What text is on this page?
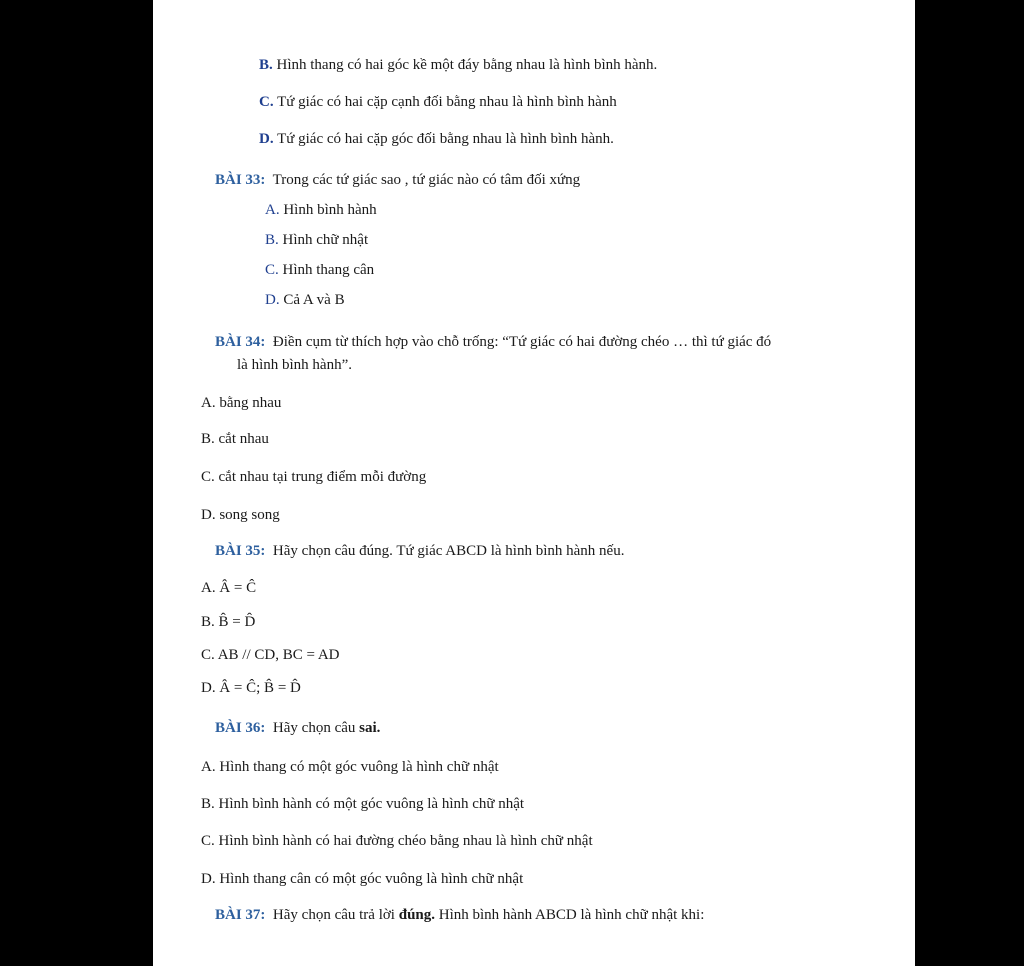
B. Hình thang có hai góc kề một đáy bằng nhau là hình bình hành.
C. Tứ giác có hai cặp cạnh đối bằng nhau là hình bình hành
D. Tứ giác có hai cặp góc đối bằng nhau là hình bình hành.
BÀI 33: Trong các tứ giác sao , tứ giác nào có tâm đối xứng
A. Hình bình hành
B. Hình chữ nhật
C. Hình thang cân
D. Cả A và B
BÀI 34: Điền cụm từ thích hợp vào chỗ trống: “Tứ giác có hai đường chéo … thì tứ giác đó
là hình bình hành”.
A. bằng nhau
B. cắt nhau
C. cắt nhau tại trung điểm mỗi đường
D. song song
BÀI 35: Hãy chọn câu đúng. Tứ giác ABCD là hình bình hành nếu.
A. Â = Ĉ
B. B̂ = D̂
C. AB // CD, BC = AD
D. Â = Ĉ; B̂ = D̂
BÀI 36: Hãy chọn câu sai.
A. Hình thang có một góc vuông là hình chữ nhật
B. Hình bình hành có một góc vuông là hình chữ nhật
C. Hình bình hành có hai đường chéo bằng nhau là hình chữ nhật
D. Hình thang cân có một góc vuông là hình chữ nhật
BÀI 37: Hãy chọn câu trả lời đúng. Hình bình hành ABCD là hình chữ nhật khi:
